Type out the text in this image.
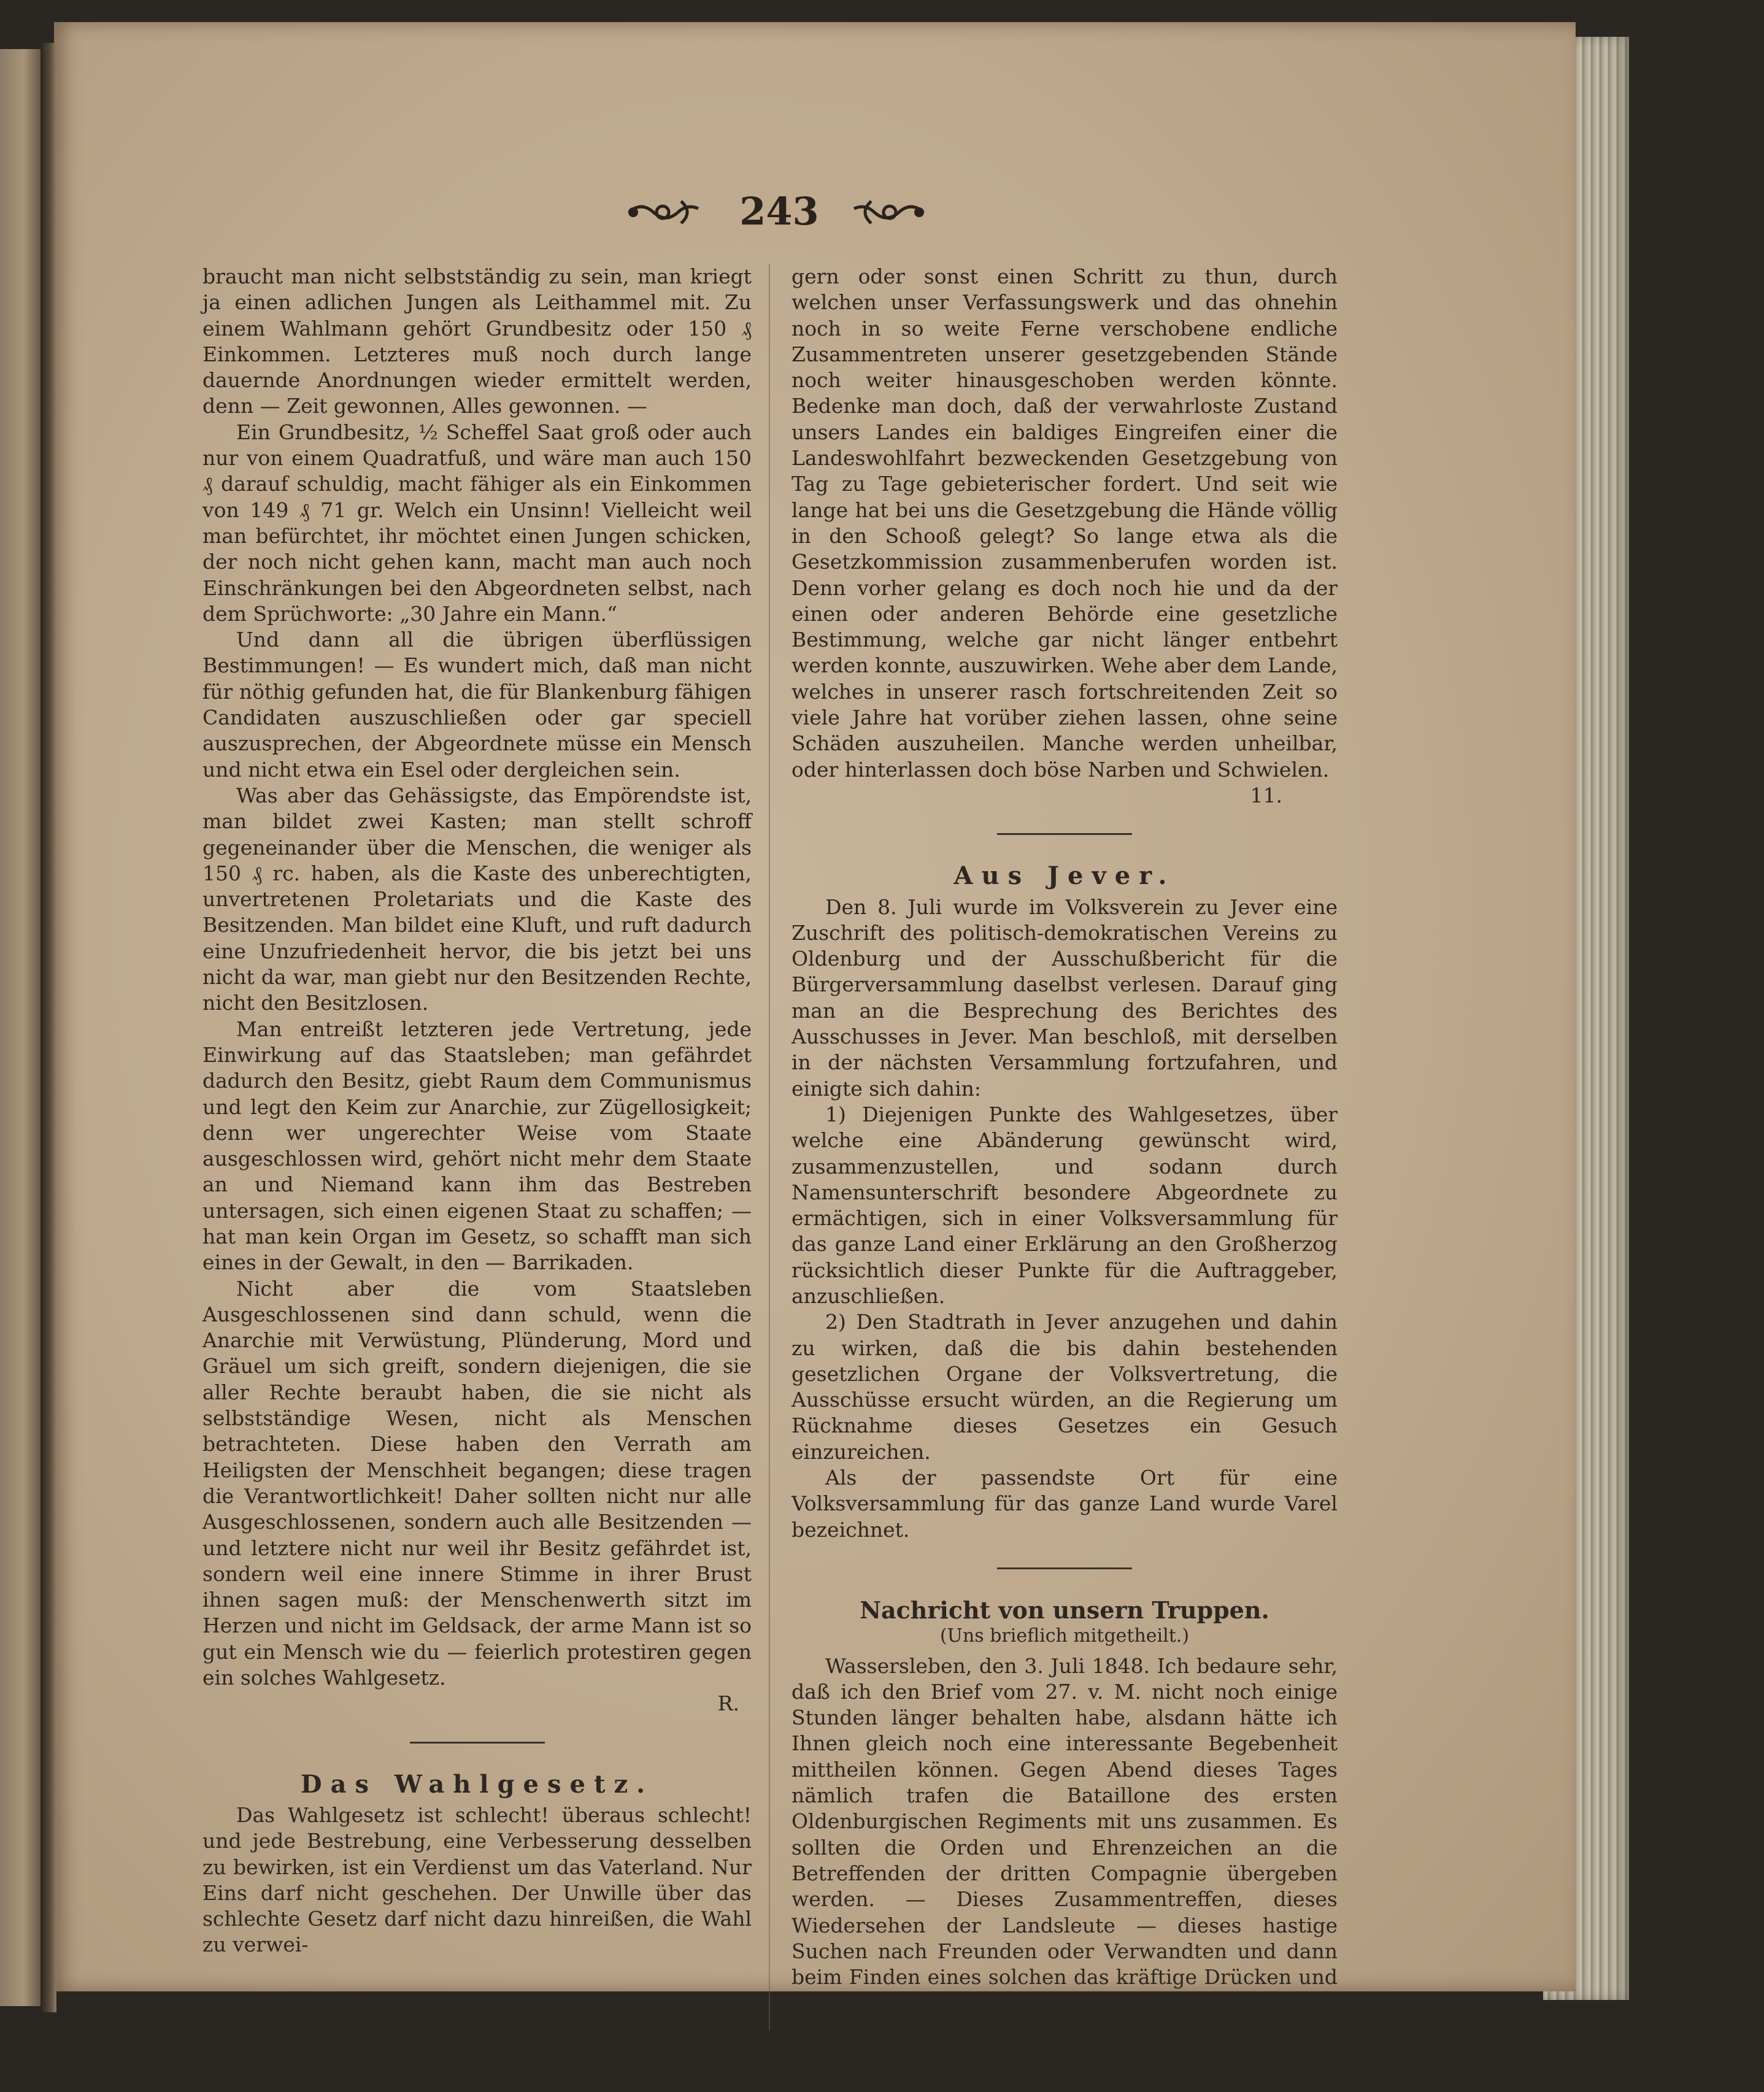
243

braucht man nicht selbstständig zu sein, man kriegt ja einen adlichen Jungen als Leithammel mit. Zu einem Wahlmann gehört Grundbesitz oder 150 ₰ Einkommen. Letzteres muß noch durch lange dauernde Anordnungen wieder ermittelt werden, denn — Zeit gewonnen, Alles gewonnen. —

Ein Grundbesitz, ½ Scheffel Saat groß oder auch nur von einem Quadratfuß, und wäre man auch 150 ₰ darauf schuldig, macht fähiger als ein Einkommen von 149 ₰ 71 gr. Welch ein Unsinn! Vielleicht weil man befürchtet, ihr möchtet einen Jungen schicken, der noch nicht gehen kann, macht man auch noch Einschränkungen bei den Abgeordneten selbst, nach dem Sprüchworte: „30 Jahre ein Mann.“

Und dann all die übrigen überflüssigen Bestimmungen! — Es wundert mich, daß man nicht für nöthig gefunden hat, die für Blankenburg fähigen Candidaten auszuschließen oder gar speciell auszusprechen, der Abgeordnete müsse ein Mensch und nicht etwa ein Esel oder dergleichen sein.

Was aber das Gehässigste, das Empörendste ist, man bildet zwei Kasten; man stellt schroff gegeneinander über die Menschen, die weniger als 150 ₰ rc. haben, als die Kaste des unberechtigten, unvertretenen Proletariats und die Kaste des Besitzenden. Man bildet eine Kluft, und ruft dadurch eine Unzufriedenheit hervor, die bis jetzt bei uns nicht da war, man giebt nur den Besitzenden Rechte, nicht den Besitzlosen.

Man entreißt letzteren jede Vertretung, jede Einwirkung auf das Staatsleben; man gefährdet dadurch den Besitz, giebt Raum dem Communismus und legt den Keim zur Anarchie, zur Zügellosigkeit; denn wer ungerechter Weise vom Staate ausgeschlossen wird, gehört nicht mehr dem Staate an und Niemand kann ihm das Bestreben untersagen, sich einen eigenen Staat zu schaffen; — hat man kein Organ im Gesetz, so schafft man sich eines in der Gewalt, in den — Barrikaden.

Nicht aber die vom Staatsleben Ausgeschlossenen sind dann schuld, wenn die Anarchie mit Verwüstung, Plünderung, Mord und Gräuel um sich greift, sondern diejenigen, die sie aller Rechte beraubt haben, die sie nicht als selbstständige Wesen, nicht als Menschen betrachteten. Diese haben den Verrath am Heiligsten der Menschheit begangen; diese tragen die Verantwortlichkeit! Daher sollten nicht nur alle Ausgeschlossenen, sondern auch alle Besitzenden — und letztere nicht nur weil ihr Besitz gefährdet ist, sondern weil eine innere Stimme in ihrer Brust ihnen sagen muß: der Menschenwerth sitzt im Herzen und nicht im Geldsack, der arme Mann ist so gut ein Mensch wie du — feierlich protestiren gegen ein solches Wahlgesetz.

R.

Das Wahlgesetz.

Das Wahlgesetz ist schlecht! überaus schlecht! und jede Bestrebung, eine Verbesserung desselben zu bewirken, ist ein Verdienst um das Vaterland. Nur Eins darf nicht geschehen. Der Unwille über das schlechte Gesetz darf nicht dazu hinreißen, die Wahl zu verwei-

gern oder sonst einen Schritt zu thun, durch welchen unser Verfassungswerk und das ohnehin noch in so weite Ferne verschobene endliche Zusammentreten unserer gesetzgebenden Stände noch weiter hinausgeschoben werden könnte. Bedenke man doch, daß der verwahrloste Zustand unsers Landes ein baldiges Eingreifen einer die Landeswohlfahrt bezweckenden Gesetzgebung von Tag zu Tage gebieterischer fordert. Und seit wie lange hat bei uns die Gesetzgebung die Hände völlig in den Schooß gelegt? So lange etwa als die Gesetzkommission zusammenberufen worden ist. Denn vorher gelang es doch noch hie und da der einen oder anderen Behörde eine gesetzliche Bestimmung, welche gar nicht länger entbehrt werden konnte, auszuwirken. Wehe aber dem Lande, welches in unserer rasch fortschreitenden Zeit so viele Jahre hat vorüber ziehen lassen, ohne seine Schäden auszuheilen. Manche werden unheilbar, oder hinterlassen doch böse Narben und Schwielen.

11.

Aus Jever.

Den 8. Juli wurde im Volksverein zu Jever eine Zuschrift des politisch-demokratischen Vereins zu Oldenburg und der Ausschußbericht für die Bürgerversammlung daselbst verlesen. Darauf ging man an die Besprechung des Berichtes des Ausschusses in Jever. Man beschloß, mit derselben in der nächsten Versammlung fortzufahren, und einigte sich dahin:

1) Diejenigen Punkte des Wahlgesetzes, über welche eine Abänderung gewünscht wird, zusammenzustellen, und sodann durch Namensunterschrift besondere Abgeordnete zu ermächtigen, sich in einer Volksversammlung für das ganze Land einer Erklärung an den Großherzog rücksichtlich dieser Punkte für die Auftraggeber, anzuschließen.

2) Den Stadtrath in Jever anzugehen und dahin zu wirken, daß die bis dahin bestehenden gesetzlichen Organe der Volksvertretung, die Ausschüsse ersucht würden, an die Regierung um Rücknahme dieses Gesetzes ein Gesuch einzureichen.

Als der passendste Ort für eine Volksversammlung für das ganze Land wurde Varel bezeichnet.

Nachricht von unsern Truppen.

(Uns brieflich mitgetheilt.)

Wassersleben, den 3. Juli 1848. Ich bedaure sehr, daß ich den Brief vom 27. v. M. nicht noch einige Stunden länger behalten habe, alsdann hätte ich Ihnen gleich noch eine interessante Begebenheit mittheilen können. Gegen Abend dieses Tages nämlich trafen die Bataillone des ersten Oldenburgischen Regiments mit uns zusammen. Es sollten die Orden und Ehrenzeichen an die Betreffenden der dritten Compagnie übergeben werden. — Dieses Zusammentreffen, dieses Wiedersehen der Landsleute — dieses hastige Suchen nach Freunden oder Verwandten und dann beim Finden eines solchen das kräftige Drücken und Schütteln der Hände und dabei die so feuri-
